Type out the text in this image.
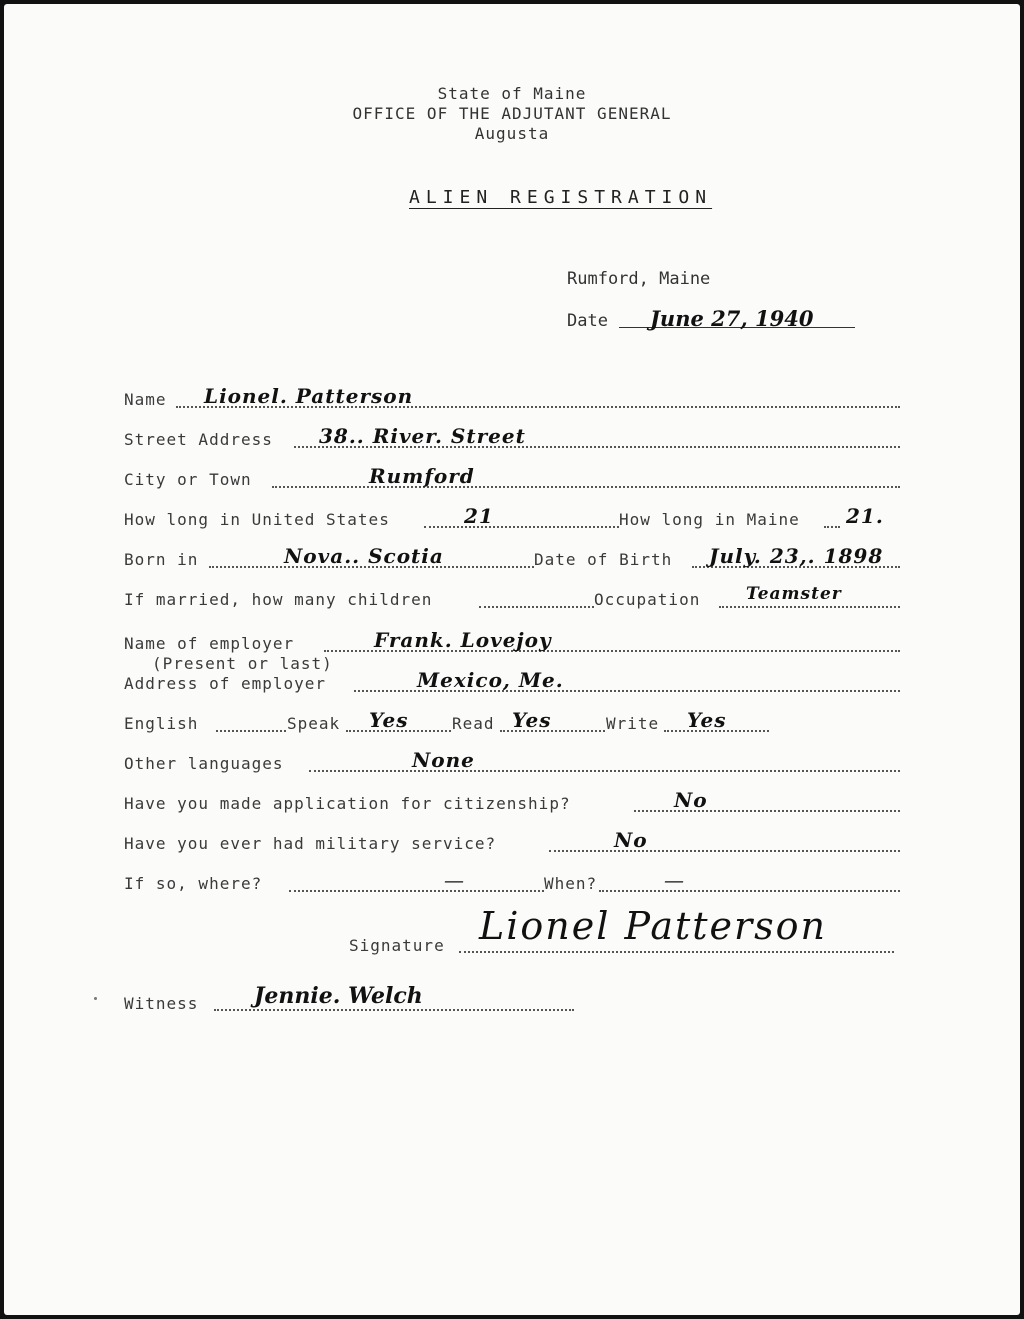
State of Maine
OFFICE OF THE ADJUTANT GENERAL
Augusta
ALIEN REGISTRATION
Rumford, Maine
Date June 27, 1940
Name Lionel. Patterson
Street Address 38.. River. Street
City or Town	Rumford
How long in United States	21	How long in Maine 21.
Born in	Nova.. Scotia	Date of Birth July. 23,. 1898
If married, how many children	Occupation	Teamster
Name of employer	Frank. Lovejoy
(Present or last)
Address of employer	Mexico, Me.
English	Speak Yes	Read Yes	Write Yes
Other languages	None
Have you made application for citizenship?	No
Have you ever had military service?	No
If so, where?	—	When?	—
Signature Lionel Patterson
Witness	Jennie. Welch
